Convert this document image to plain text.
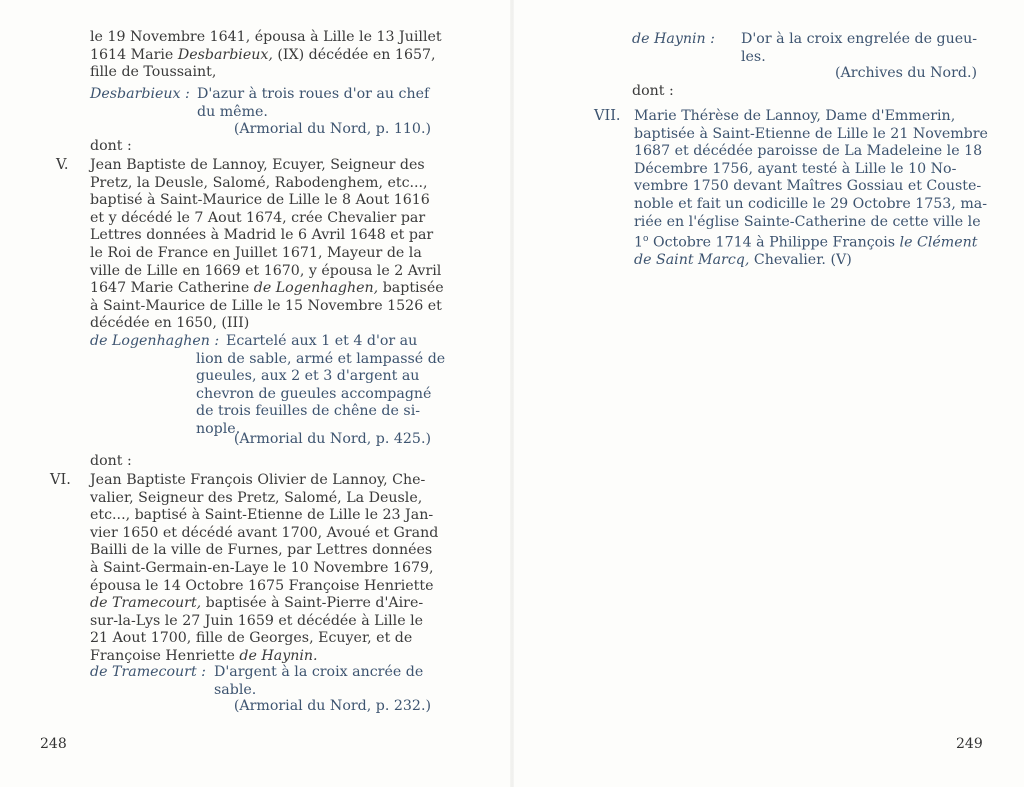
le 19 Novembre 1641, épousa à Lille le 13 Juillet
1614 Marie Desbarbieux, (IX) décédée en 1657,
fille de Toussaint,
Desbarbieux : D'azur à trois roues d'or au chef
du même.
(Armorial du Nord, p. 110.)
dont :
V. Jean Baptiste de Lannoy, Ecuyer, Seigneur des
Pretz, la Deusle, Salomé, Rabodenghem, etc...,
baptisé à Saint-Maurice de Lille le 8 Aout 1616
et y décédé le 7 Aout 1674, crée Chevalier par
Lettres données à Madrid le 6 Avril 1648 et par
le Roi de France en Juillet 1671, Mayeur de la
ville de Lille en 1669 et 1670, y épousa le 2 Avril
1647 Marie Catherine de Logenhaghen, baptisée
à Saint-Maurice de Lille le 15 Novembre 1526 et
décédée en 1650, (III)
de Logenhaghen : Ecartelé aux 1 et 4 d'or au
lion de sable, armé et lampassé de
gueules, aux 2 et 3 d'argent au
chevron de gueules accompagné
de trois feuilles de chêne de si-
nople.
(Armorial du Nord, p. 425.)
dont :
VI. Jean Baptiste François Olivier de Lannoy, Che-
valier, Seigneur des Pretz, Salomé, La Deusle,
etc..., baptisé à Saint-Etienne de Lille le 23 Jan-
vier 1650 et décédé avant 1700, Avoué et Grand
Bailli de la ville de Furnes, par Lettres données
à Saint-Germain-en-Laye le 10 Novembre 1679,
épousa le 14 Octobre 1675 Françoise Henriette
de Tramecourt, baptisée à Saint-Pierre d'Aire-
sur-la-Lys le 27 Juin 1659 et décédée à Lille le
21 Aout 1700, fille de Georges, Ecuyer, et de
Françoise Henriette de Haynin.
de Tramecourt : D'argent à la croix ancrée de
sable.
(Armorial du Nord, p. 232.)
248
de Haynin : D'or à la croix engrelée de gueu-
les.
(Archives du Nord.)
dont :
VII. Marie Thérèse de Lannoy, Dame d'Emmerin,
baptisée à Saint-Etienne de Lille le 21 Novembre
1687 et décédée paroisse de La Madeleine le 18
Décembre 1756, ayant testé à Lille le 10 No-
vembre 1750 devant Maîtres Gossiau et Couste-
noble et fait un codicille le 29 Octobre 1753, ma-
riée en l'église Sainte-Catherine de cette ville le
1$^o$ Octobre 1714 à Philippe François le Clément
de Saint Marcq, Chevalier. (V)
249
